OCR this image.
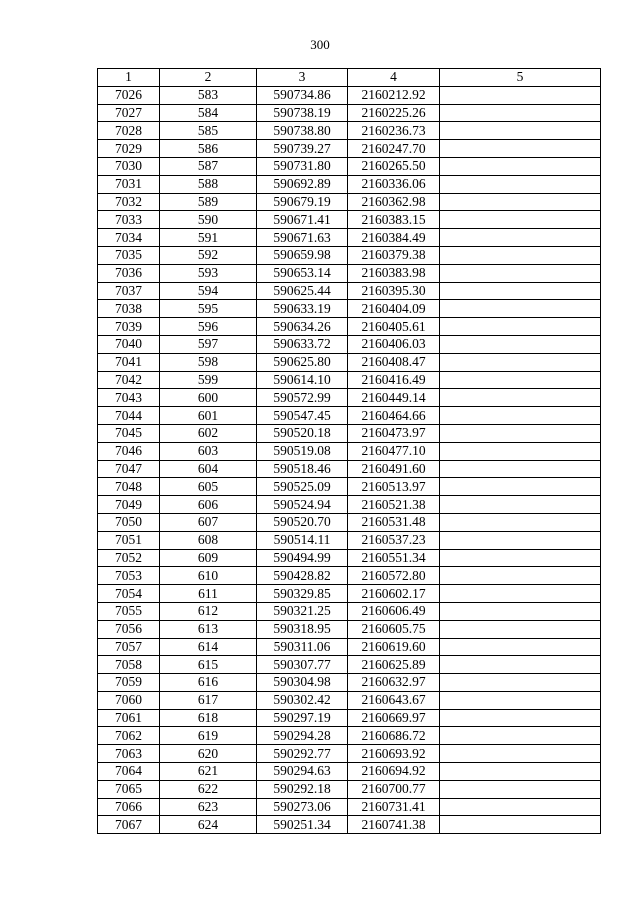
300
1	2	3	4	5
7026	583	590734.86	2160212.92	
7027	584	590738.19	2160225.26	
7028	585	590738.80	2160236.73	
7029	586	590739.27	2160247.70	
7030	587	590731.80	2160265.50	
7031	588	590692.89	2160336.06	
7032	589	590679.19	2160362.98	
7033	590	590671.41	2160383.15	
7034	591	590671.63	2160384.49	
7035	592	590659.98	2160379.38	
7036	593	590653.14	2160383.98	
7037	594	590625.44	2160395.30	
7038	595	590633.19	2160404.09	
7039	596	590634.26	2160405.61	
7040	597	590633.72	2160406.03	
7041	598	590625.80	2160408.47	
7042	599	590614.10	2160416.49	
7043	600	590572.99	2160449.14	
7044	601	590547.45	2160464.66	
7045	602	590520.18	2160473.97	
7046	603	590519.08	2160477.10	
7047	604	590518.46	2160491.60	
7048	605	590525.09	2160513.97	
7049	606	590524.94	2160521.38	
7050	607	590520.70	2160531.48	
7051	608	590514.11	2160537.23	
7052	609	590494.99	2160551.34	
7053	610	590428.82	2160572.80	
7054	611	590329.85	2160602.17	
7055	612	590321.25	2160606.49	
7056	613	590318.95	2160605.75	
7057	614	590311.06	2160619.60	
7058	615	590307.77	2160625.89	
7059	616	590304.98	2160632.97	
7060	617	590302.42	2160643.67	
7061	618	590297.19	2160669.97	
7062	619	590294.28	2160686.72	
7063	620	590292.77	2160693.92	
7064	621	590294.63	2160694.92	
7065	622	590292.18	2160700.77	
7066	623	590273.06	2160731.41	
7067	624	590251.34	2160741.38	
